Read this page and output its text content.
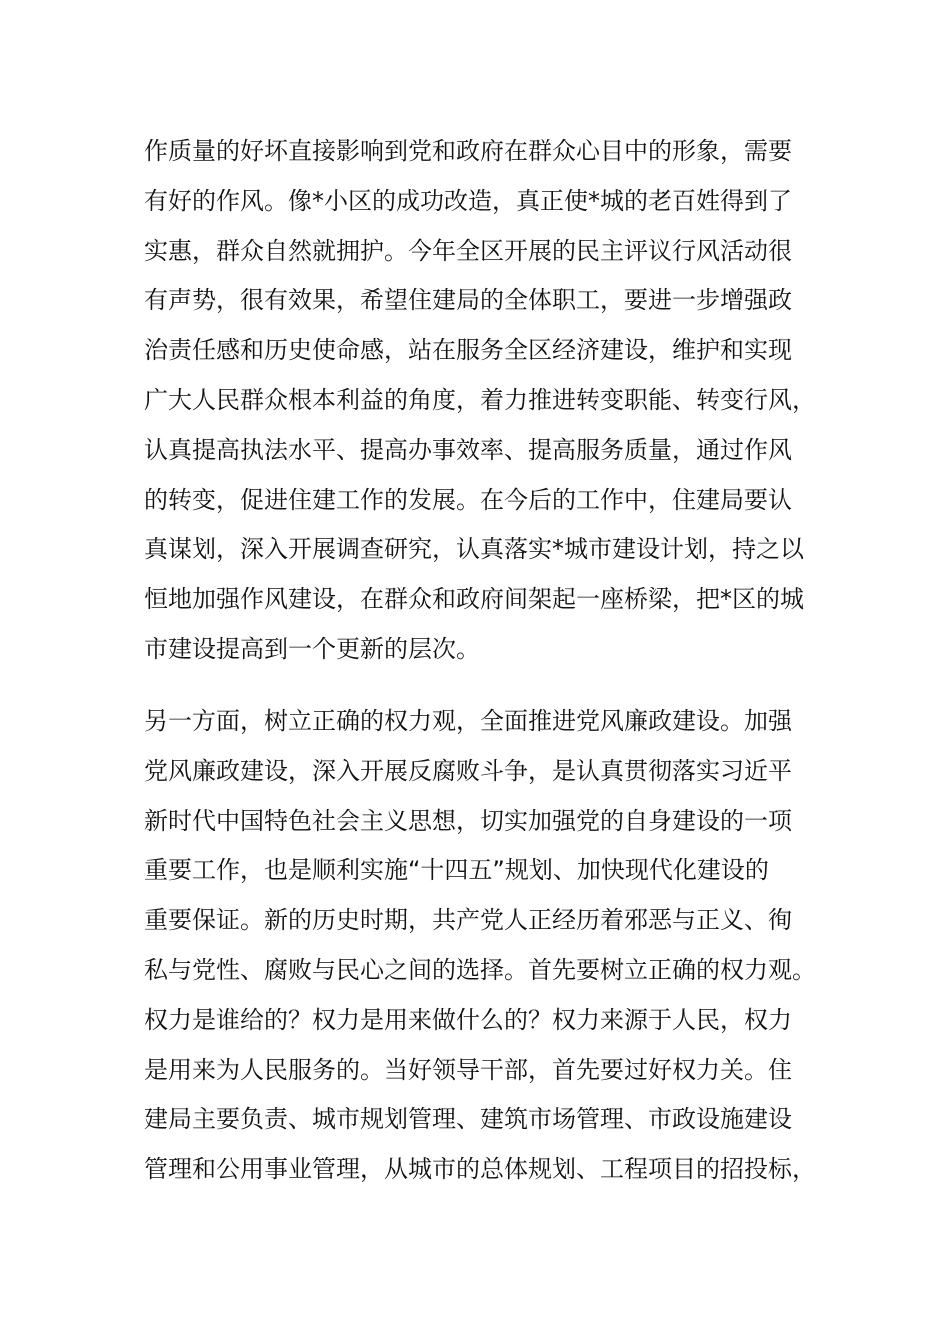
作质量的好坏直接影响到党和政府在群众心目中的形象，需要
有好的作风。像*小区的成功改造，真正使*城的老百姓得到了
实惠，群众自然就拥护。今年全区开展的民主评议行风活动很
有声势，很有效果，希望住建局的全体职工，要进一步增强政
治责任感和历史使命感，站在服务全区经济建设，维护和实现
广大人民群众根本利益的角度，着力推进转变职能、转变行风，
认真提高执法水平、提高办事效率、提高服务质量，通过作风
的转变，促进住建工作的发展。在今后的工作中，住建局要认
真谋划，深入开展调查研究，认真落实*城市建设计划，持之以
恒地加强作风建设，在群众和政府间架起一座桥梁，把*区的城
市建设提高到一个更新的层次。
另一方面，树立正确的权力观，全面推进党风廉政建设。加强
党风廉政建设，深入开展反腐败斗争，是认真贯彻落实习近平
新时代中国特色社会主义思想，切实加强党的自身建设的一项
重要工作，也是顺利实施“十四五”规划、加快现代化建设的
重要保证。新的历史时期，共产党人正经历着邪恶与正义、徇
私与党性、腐败与民心之间的选择。首先要树立正确的权力观。
权力是谁给的？权力是用来做什么的？权力来源于人民，权力
是用来为人民服务的。当好领导干部，首先要过好权力关。住
建局主要负责、城市规划管理、建筑市场管理、市政设施建设
管理和公用事业管理，从城市的总体规划、工程项目的招投标，
